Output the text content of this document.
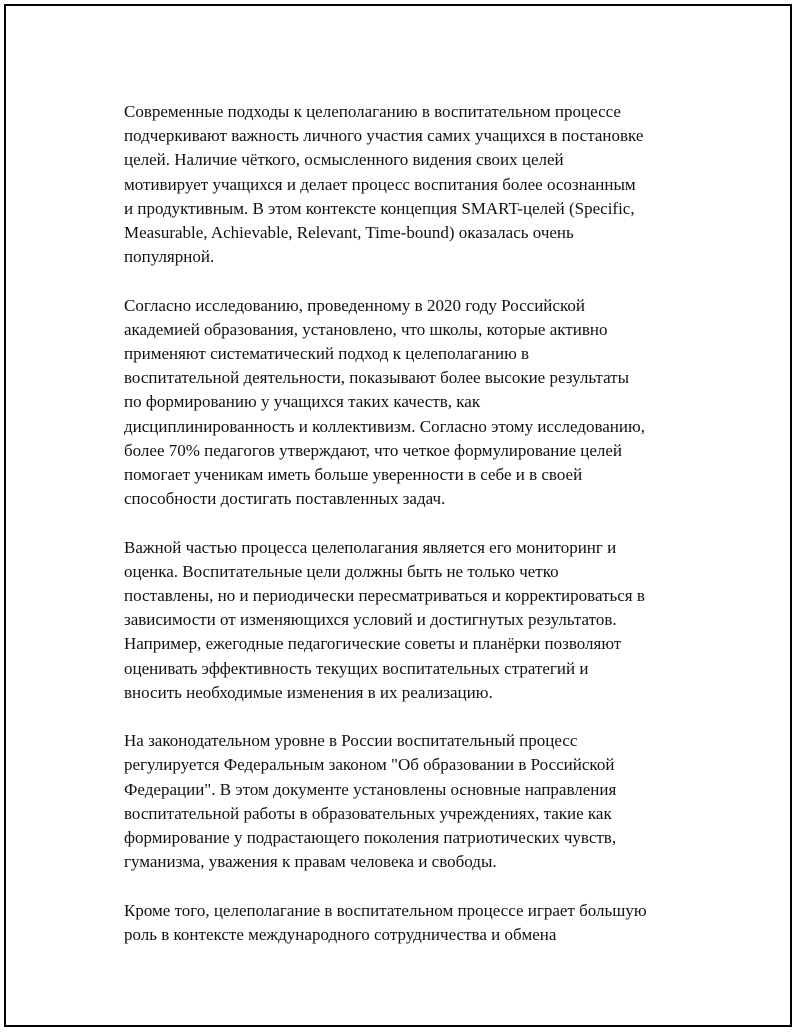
Современные подходы к целеполаганию в воспитательном процессе
подчеркивают важность личного участия самих учащихся в постановке
целей. Наличие чёткого, осмысленного видения своих целей
мотивирует учащихся и делает процесс воспитания более осознанным
и продуктивным. В этом контексте концепция SMART-целей (Specific,
Measurable, Achievable, Relevant, Time-bound) оказалась очень
популярной.

Согласно исследованию, проведенному в 2020 году Российской
академией образования, установлено, что школы, которые активно
применяют систематический подход к целеполаганию в
воспитательной деятельности, показывают более высокие результаты
по формированию у учащихся таких качеств, как
дисциплинированность и коллективизм. Согласно этому исследованию,
более 70% педагогов утверждают, что четкое формулирование целей
помогает ученикам иметь больше уверенности в себе и в своей
способности достигать поставленных задач.

Важной частью процесса целеполагания является его мониторинг и
оценка. Воспитательные цели должны быть не только четко
поставлены, но и периодически пересматриваться и корректироваться в
зависимости от изменяющихся условий и достигнутых результатов.
Например, ежегодные педагогические советы и планёрки позволяют
оценивать эффективность текущих воспитательных стратегий и
вносить необходимые изменения в их реализацию.

На законодательном уровне в России воспитательный процесс
регулируется Федеральным законом "Об образовании в Российской
Федерации". В этом документе установлены основные направления
воспитательной работы в образовательных учреждениях, такие как
формирование у подрастающего поколения патриотических чувств,
гуманизма, уважения к правам человека и свободы.

Кроме того, целеполагание в воспитательном процессе играет большую
роль в контексте международного сотрудничества и обмена
